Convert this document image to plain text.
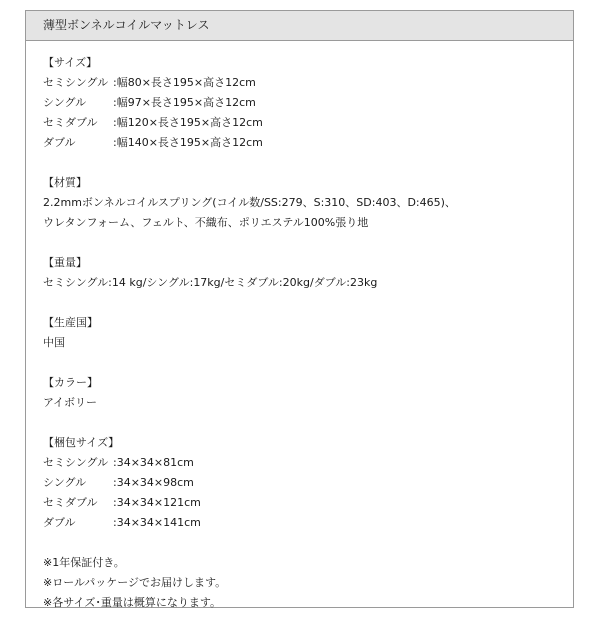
薄型ボンネルコイルマットレス
【サイズ】
セミシングル :幅80×長さ195×高さ12cm
シングル	:幅97×長さ195×高さ12cm
セミダブル	:幅120×長さ195×高さ12cm
ダブル	:幅140×長さ195×高さ12cm
【材質】
2.2mmボンネルコイルスプリング(コイル数/SS:279、S:310、SD:403、D:465)、
ウレタンフォーム、フェルト、不織布、ポリエステル100%張り地
【重量】
セミシングル:14 kg/シングル:17kg/セミダブル:20kg/ダブル:23kg
【生産国】
中国
【カラー】
アイボリー
【梱包サイズ】
セミシングル :34×34×81cm
シングル	:34×34×98cm
セミダブル	:34×34×121cm
ダブル	:34×34×141cm
※1年保証付き。
※ロールパッケージでお届けします。
※各サイズ･重量は概算になります。
